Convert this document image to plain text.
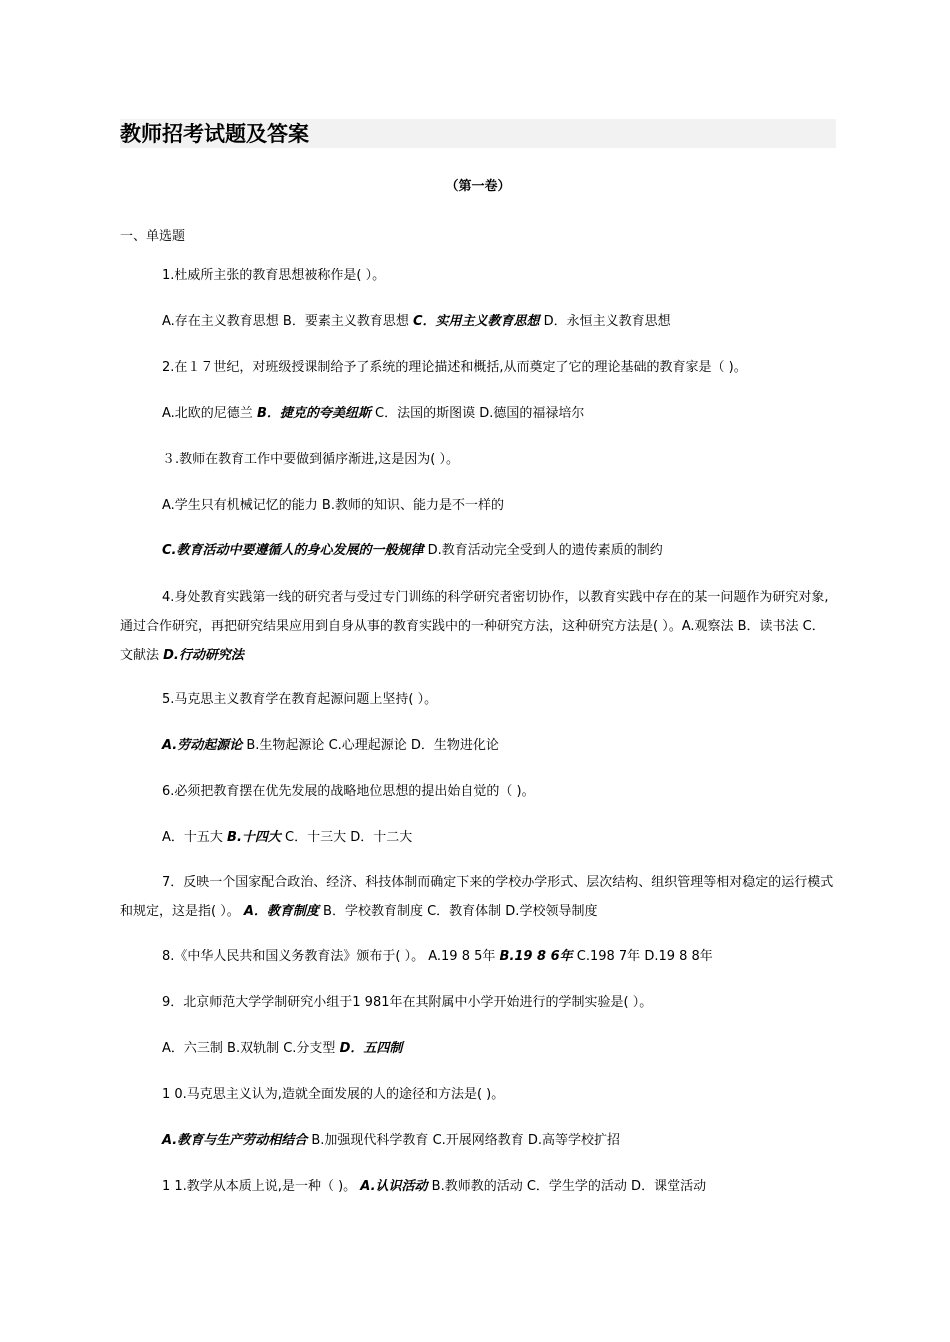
教师招考试题及答案
（第一卷）
一、单选题
1.杜威所主张的教育思想被称作是( ）。
A.存在主义教育思想 B．要素主义教育思想 C．实用主义教育思想 D．永恒主义教育思想
2.在１７世纪，对班级授课制给予了系统的理论描述和概括,从而奠定了它的理论基础的教育家是（ )。
A.北欧的尼德兰 B．捷克的夸美纽斯 C．法国的斯图谟 D.德国的福禄培尔
３.教师在教育工作中要做到循序渐进,这是因为( ）。
A.学生只有机械记忆的能力 B.教师的知识、能力是不一样的
C.教育活动中要遵循人的身心发展的一般规律 D.教育活动完全受到人的遗传素质的制约
4.身处教育实践第一线的研究者与受过专门训练的科学研究者密切协作，以教育实践中存在的某一问题作为研究对象,通过合作研究，再把研究结果应用到自身从事的教育实践中的一种研究方法，这种研究方法是( ）。A.观察法 B．读书法 C．文献法 D.行动研究法
5.马克思主义教育学在教育起源问题上坚持( ）。
A.劳动起源论 B.生物起源论 C.心理起源论 D．生物进化论
6.必须把教育摆在优先发展的战略地位思想的提出始自觉的（ )。
A．十五大 B.十四大 C．十三大 D．十二大
7．反映一个国家配合政治、经济、科技体制而确定下来的学校办学形式、层次结构、组织管理等相对稳定的运行模式和规定，这是指( ）。 A．教育制度 B．学校教育制度 C．教育体制 D.学校领导制度
8.《中华人民共和国义务教育法》颁布于( ）。 A.19 8 5年 B.19 8 6年 C.198 7年 D.19 8 8年
9．北京师范大学学制研究小组于1 981年在其附属中小学开始进行的学制实验是( ）。
A．六三制 B.双轨制 C.分支型 D．五四制
1 0.马克思主义认为,造就全面发展的人的途径和方法是( )。
A.教育与生产劳动相结合 B.加强现代科学教育 C.开展网络教育 D.高等学校扩招
1 1.教学从本质上说,是一种（ )。 A.认识活动 B.教师教的活动 C．学生学的活动 D．课堂活动
